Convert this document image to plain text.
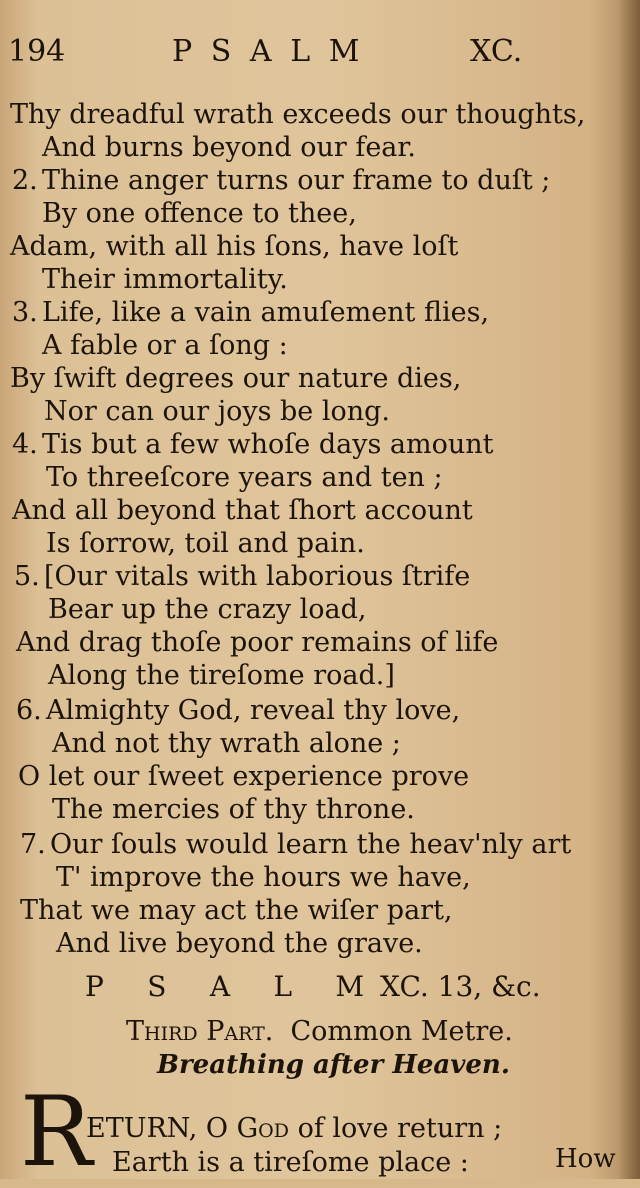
194	PSALM	XC.
Thy dreadful wrath exceeds our thoughts,
And burns beyond our fear.
2. Thine anger turns our frame to duſt ;
By one offence to thee,
Adam, with all his ſons, have loſt
Their immortality.
3. Life, like a vain amuſement flies,
A fable or a ſong :
By ſwift degrees our nature dies,
Nor can our joys be long.
4. Tis but a few whoſe days amount
To threeſcore years and ten ;
And all beyond that ſhort account
Is ſorrow, toil and pain.
5. [Our vitals with laborious ſtrife
Bear up the crazy load,
And drag thoſe poor remains of life
Along the tireſome road.]
6. Almighty God, reveal thy love,
And not thy wrath alone ;
O let our ſweet experience prove
The mercies of thy throne.
7. Our ſouls would learn the heav'nly art
T' improve the hours we have,
That we may act the wiſer part,
And live beyond the grave.
PSALM
XC. 13, &c.
Third Part. Common Metre.
Breathing after Heaven.
R
ETURN, O God of love return ;
Earth is a tireſome place :	How
